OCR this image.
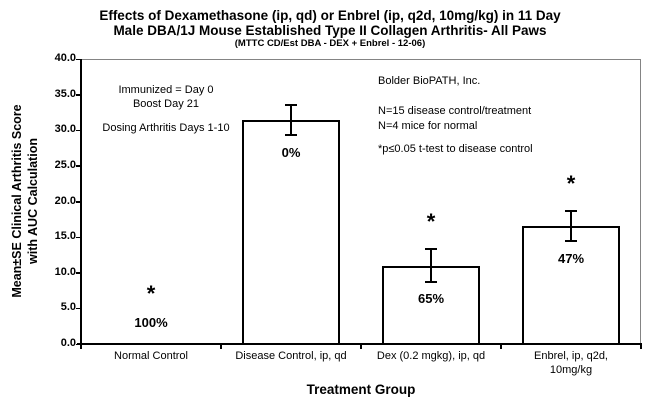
Effects of Dexamethasone (ip, qd) or Enbrel (ip, q2d, 10mg/kg) in 11 Day
Male DBA/1J Mouse Established Type II Collagen Arthritis- All Paws
(MTTC CD/Est DBA - DEX + Enbrel - 12-06)
Mean±SE Clinical Arthritis Score with AUC Calculation
0.0
5.0
10.0
15.0
20.0
25.0
30.0
35.0
40.0
*
100%
Normal Control
0%
Disease Control, ip, qd
*
65%
Dex (0.2 mgkg), ip, qd
*
47%
Enbrel, ip, q2d,
10mg/kg
Immunized = Day 0
Boost Day 21
Dosing Arthritis Days 1-10
Bolder BioPATH, Inc.
N=15 disease control/treatment
N=4 mice for normal
*p≤0.05 t-test to disease control
Treatment Group
